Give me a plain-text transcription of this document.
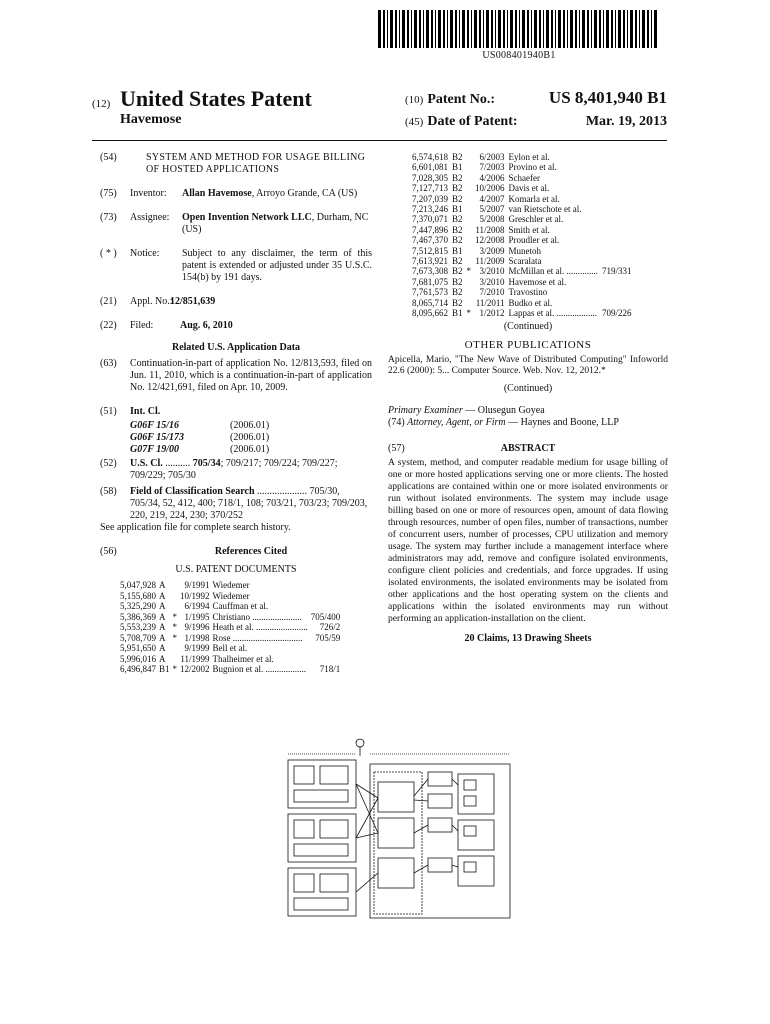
US008401940B1
(12) United States Patent
Havemose
(10) Patent No.:	US 8,401,940 B1
(45) Date of Patent:	Mar. 19, 2013
(54)	SYSTEM AND METHOD FOR USAGE BILLING OF HOSTED APPLICATIONS
(75)	Inventor:	Allan Havemose, Arroyo Grande, CA (US)
(73)	Assignee:	Open Invention Network LLC, Durham, NC (US)
( * )	Notice:	Subject to any disclaimer, the term of this patent is extended or adjusted under 35 U.S.C. 154(b) by 191 days.
(21)	Appl. No.:
12/851,639
(22)	Filed:	Aug. 6, 2010
Related U.S. Application Data
(63)	Continuation-in-part of application No. 12/813,593, filed on Jun. 11, 2010, which is a continuation-in-part of application No. 12/421,691, filed on Apr. 10, 2009.
(51)	Int. Cl.
G06F 15/16	(2006.01)
G06F 15/173	(2006.01)
G07F 19/00	(2006.01)
(52)	U.S. Cl. .......... 705/34; 709/217; 709/224; 709/227; 709/229; 705/30
(58)	Field of Classification Search .................... 705/30, 705/34, 52, 412, 400; 718/1, 108; 703/21, 703/23; 709/203, 220, 219, 224, 230; 370/252
See application file for complete search history.
(56)	References Cited
U.S. PATENT DOCUMENTS
5,047,928	A		9/1991	Wiedemer	
5,155,680	A		10/1992	Wiedemer	
5,325,290	A		6/1994	Cauffman et al.	
5,386,369	A	*	1/1995	Christiano ......................	705/400
5,553,239	A	*	9/1996	Heath et al. .......................	726/2
5,708,709	A	*	1/1998	Rose ...............................	705/59
5,951,650	A		9/1999	Bell et al.	
5,996,016	A		11/1999	Thalheimer et al.	
6,496,847	B1	*	12/2002	Bugnion et al. ..................	718/1
6,574,618	B2		6/2003	Eylon et al.	
6,601,081	B1		7/2003	Provino et al.	
7,028,305	B2		4/2006	Schaefer	
7,127,713	B2		10/2006	Davis et al.	
7,207,039	B2		4/2007	Komarla et al.	
7,213,246	B1		5/2007	van Rietschote et al.	
7,370,071	B2		5/2008	Greschler et al.	
7,447,896	B2		11/2008	Smith et al.	
7,467,370	B2		12/2008	Proudler et al.	
7,512,815	B1		3/2009	Munetoh	
7,613,921	B2		11/2009	Scaralata	
7,673,308	B2	*	3/2010	McMillan et al. ..............	719/331
7,681,075	B2		3/2010	Havemose et al.	
7,761,573	B2		7/2010	Travostino	
8,065,714	B2		11/2011	Budko et al.	
8,095,662	B1	*	1/2012	Lappas et al. ..................	709/226
(Continued)
OTHER PUBLICATIONS
Apicella, Mario, "The New Wave of Distributed Computing" Infoworld 22.6 (2000): 5... Computer Source. Web. Nov. 12, 2012.*
(Continued)
Primary Examiner — Olusegun Goyea
(74) Attorney, Agent, or Firm — Haynes and Boone, LLP
(57)	ABSTRACT
A system, method, and computer readable medium for usage billing of one or more hosted applications serving one or more clients. The hosted applications are contained within one or more isolated environments or run without isolated environments. The system may include usage billing based on one or more of resources open, amount of data flowing through resources, number of open files, number of transactions, number of concurrent users, number of processes, CPU utilization and memory usage. The system may further include a management interface where administrators may add, remove and configure isolated environments, configure client policies and credentials, and force upgrades. If using isolated environments, the isolated environments may be isolated from other applications and the host operating system on the clients and applications within the isolated environments may run without performing an application-installation on the client.
20 Claims, 13 Drawing Sheets
